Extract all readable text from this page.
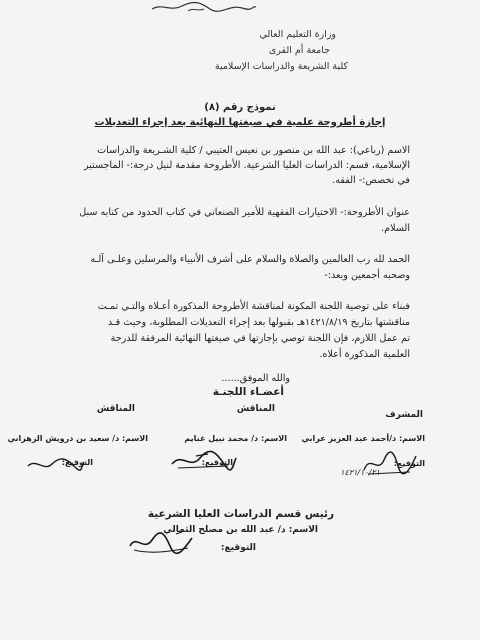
وزارة التعليم العالي
جامعة أم القرى
كلية الشريعة والدراسات الإسلامية
نموذج رقم (٨)
إجازة أطروحة علمية في صيغتها النهائية بعد إجراء التعديلات
الاسم (رباعي): عبد الله بن منصور بن نعيس العتيبي / كلية الشـريعة والدراسات
الإسلامية، قسم: الدراسات العليا الشرعية. الأطروحة مقدمة لنيل درجة:- الماجستير
في تخصص:- الفقه.
عنوان الأطروحة:- الاختيارات الفقهية للأمير الصنعاني في كتاب الحدود من كتابه سبل
السلام.
الحمد لله رب العالمين والصلاة والسلام على أشرف الأنبياء والمرسلين وعلـى آلـه
وصحبه أجمعين وبعد:-
فبناء على توصية اللجنة المكونة لمناقشة الأطروحة المذكورة أعـلاه والتـي تمـت
مناقشتها بتاريخ ١٤٢١/٨/١٩هـ بقبولها بعد إجراء التعديلات المطلوبة، وحيث قـد
تم عمل اللازم، فإن اللجنة توصي بإجازتها في صيغتها النهائية المرفقة للدرجة
العلمية المذكورة أعلاه.
والله الموفق......
أعضـاء اللجنـة
المشرف
الاسم: د/أحمد عبد العزيز عرابي
التوقيع:
المناقش
الاسم: د/ محمد نبيل غنايم
التوقيع:
المناقش
الاسم: د/ سعيد بن درويش الزهراني
التوقيع:
١٤٢١/١٠/٢١
رئيس قسم الدراسات العليا الشرعية
الاسم: د/ عبد الله بن مصلح الثمالي
التوقيع:
